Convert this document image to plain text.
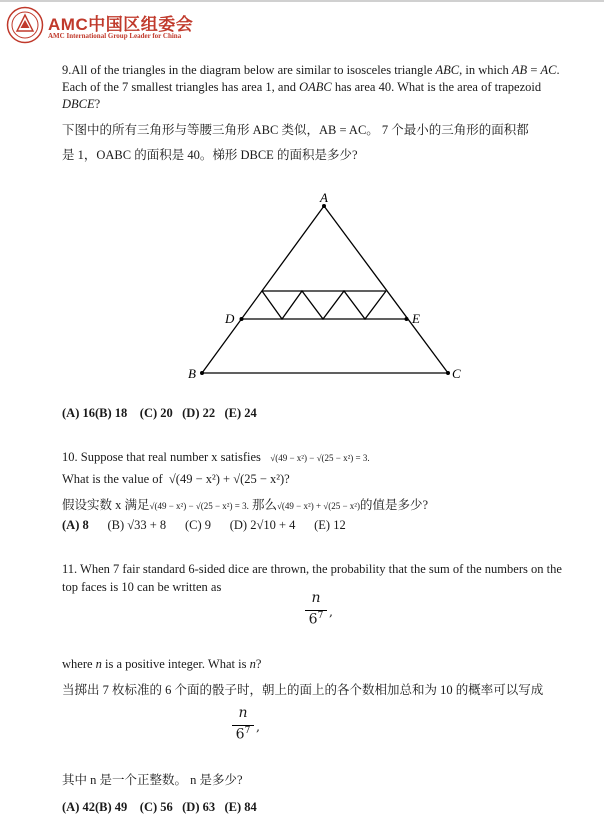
AMC中国区组委会
AMC International Group Leader for China
9.All of the triangles in the diagram below are similar to isosceles triangle ABC, in which AB = AC. Each of the 7 smallest triangles has area 1, and OABC has area 40. What is the area of trapezoid DBCE?
下图中的所有三角形与等腰三角形 ABC 类似，AB = AC。 7 个最小的三角形的面积都
是 1，OABC 的面积是 40。梯形 DBCE 的面积是多少?
A
B	C
D	E
(A) 16(B) 18 (C) 20 (D) 22 (E) 24
10. Suppose that real number x satisfies √(49 − x²) − √(25 − x²) = 3.
What is the value of √(49 − x²) + √(25 − x²)?
假设实数 x 满足√(49 − x²) − √(25 − x²) = 3. 那么√(49 − x²) + √(25 − x²)的值是多少?
(A) 8 (B) √33 + 8 (C) 9 (D) 2√10 + 4 (E) 12
11. When 7 fair standard 6-sided dice are thrown, the probability that the sum of the numbers on the
top faces is 10 can be written as
n
$6^7$ ,
where n is a positive integer. What is n?
当掷出 7 枚标准的 6 个面的骰子时，朝上的面上的各个数相加总和为 10 的概率可以写成
n
$6^7$ ,
其中 n 是一个正整数。 n 是多少?
(A) 42(B) 49 (C) 56 (D) 63 (E) 84
